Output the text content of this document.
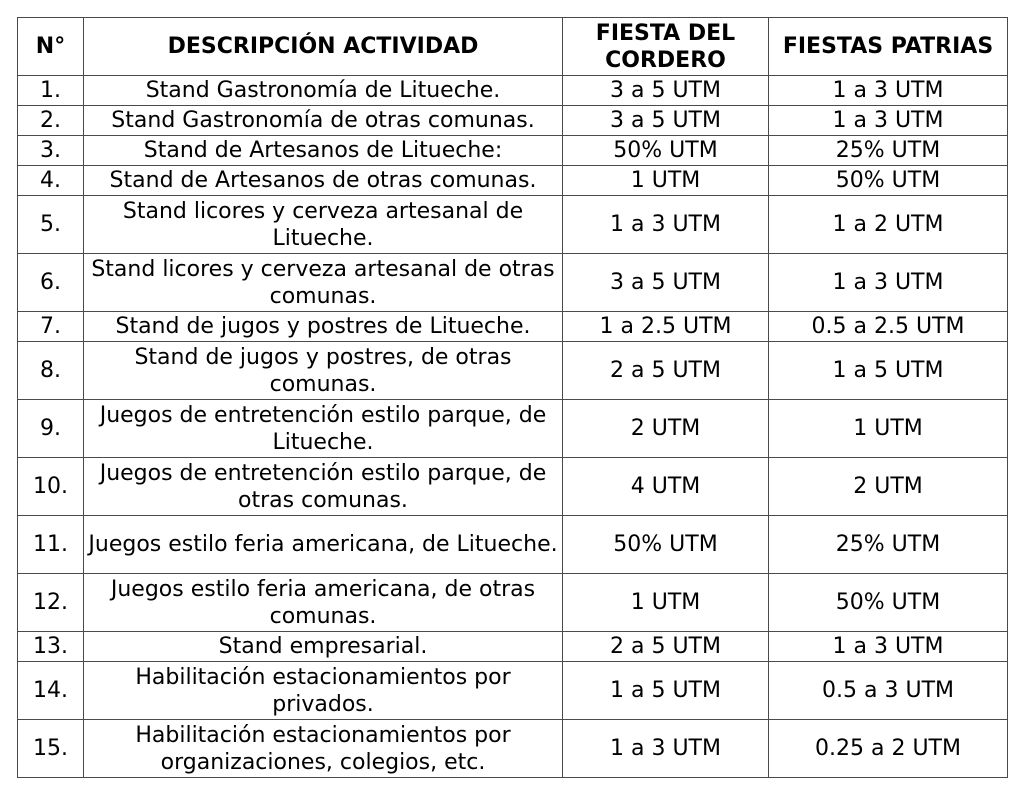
N°	DESCRIPCIÓN ACTIVIDAD	FIESTA DEL CORDERO	FIESTAS PATRIAS
1.	Stand Gastronomía de Litueche.	3 a 5 UTM	1 a 3 UTM
2.	Stand Gastronomía de otras comunas.	3 a 5 UTM	1 a 3 UTM
3.	Stand de Artesanos de Litueche:	50% UTM	25% UTM
4.	Stand de Artesanos de otras comunas.	1 UTM	50% UTM
5.	Stand licores y cerveza artesanal de Litueche.	1 a 3 UTM	1 a 2 UTM
6.	Stand licores y cerveza artesanal de otras comunas.	3 a 5 UTM	1 a 3 UTM
7.	Stand de jugos y postres de Litueche.	1 a 2.5 UTM	0.5 a 2.5 UTM
8.	Stand de jugos y postres, de otras comunas.	2 a 5 UTM	1 a 5 UTM
9.	Juegos de entretención estilo parque, de Litueche.	2 UTM	1 UTM
10.	Juegos de entretención estilo parque, de otras comunas.	4 UTM	2 UTM
11.	Juegos estilo feria americana, de Litueche.	50% UTM	25% UTM
12.	Juegos estilo feria americana, de otras comunas.	1 UTM	50% UTM
13.	Stand empresarial.	2 a 5 UTM	1 a 3 UTM
14.	Habilitación estacionamientos por privados.	1 a 5 UTM	0.5 a 3 UTM
15.	Habilitación estacionamientos por organizaciones, colegios, etc.	1 a 3 UTM	0.25 a 2 UTM
